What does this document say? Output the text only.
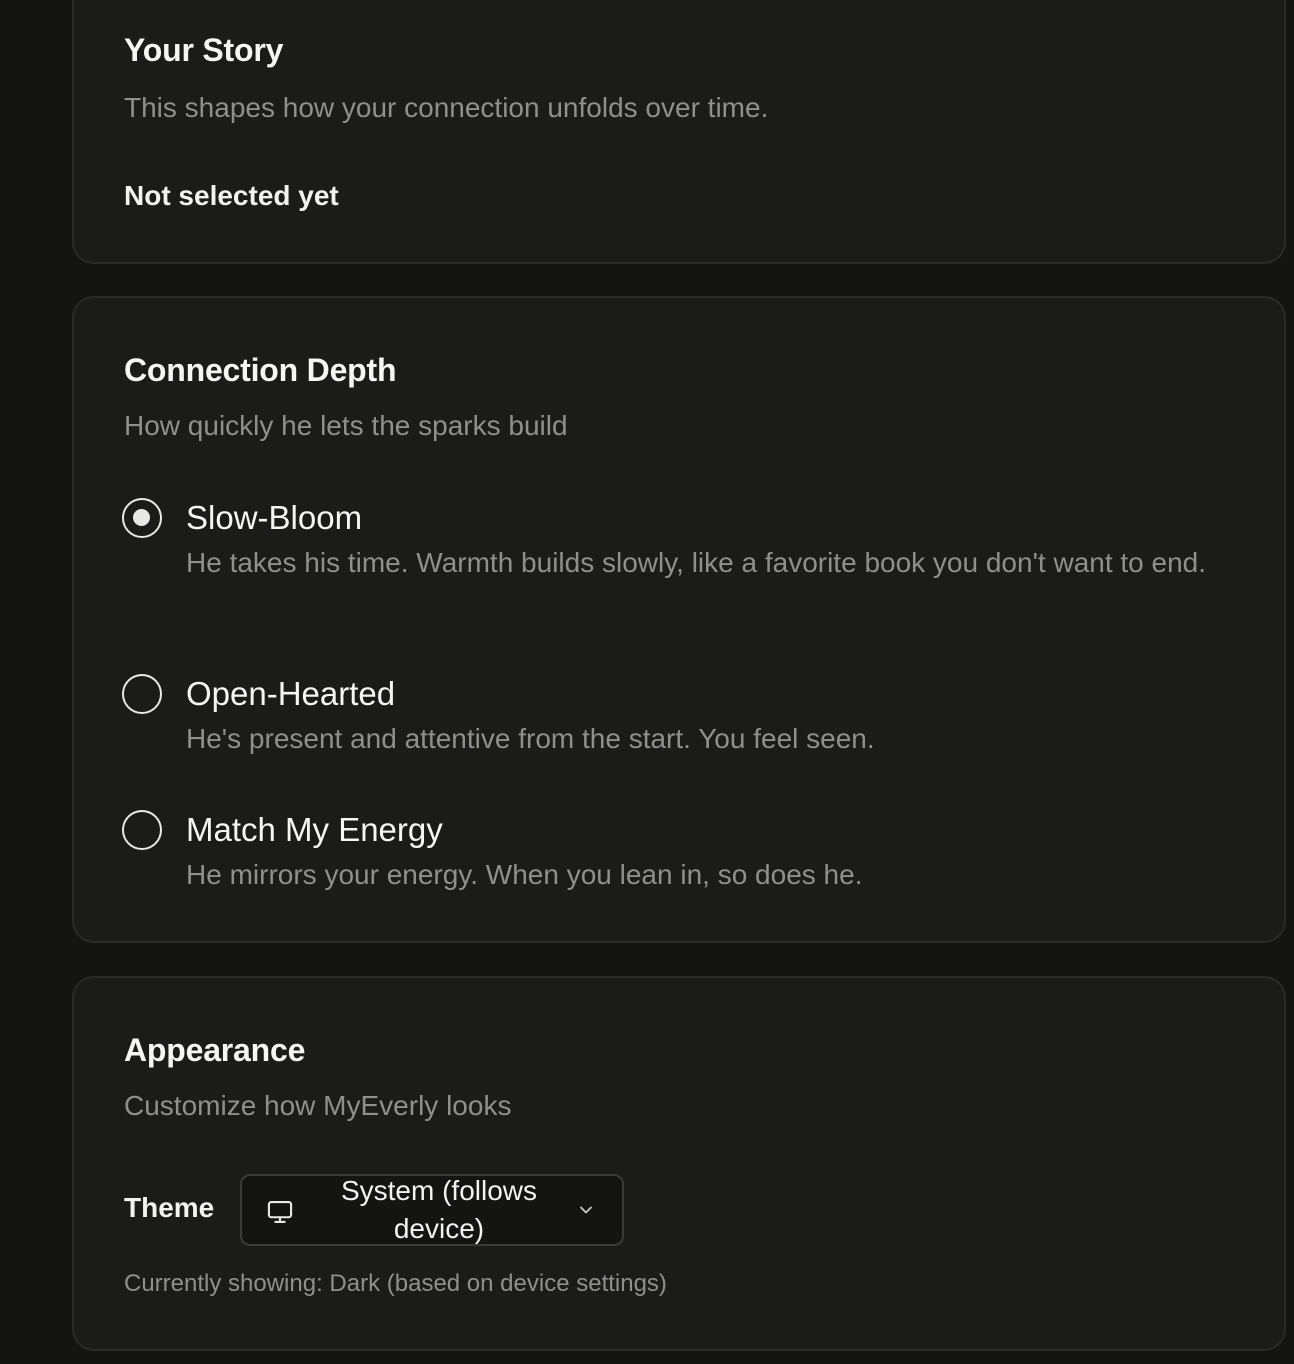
Your Story

This shapes how your connection unfolds over time.

Not selected yet
Connection Depth

How quickly he lets the sparks build

Slow-Bloom
He takes his time. Warmth builds slowly, like a favorite book you don't want to end.
Open-Hearted
He's present and attentive from the start. You feel seen.
Match My Energy
He mirrors your energy. When you lean in, so does he.
Appearance

Customize how MyEverly looks

Theme
System (follows device)
Currently showing: Dark (based on device settings)
